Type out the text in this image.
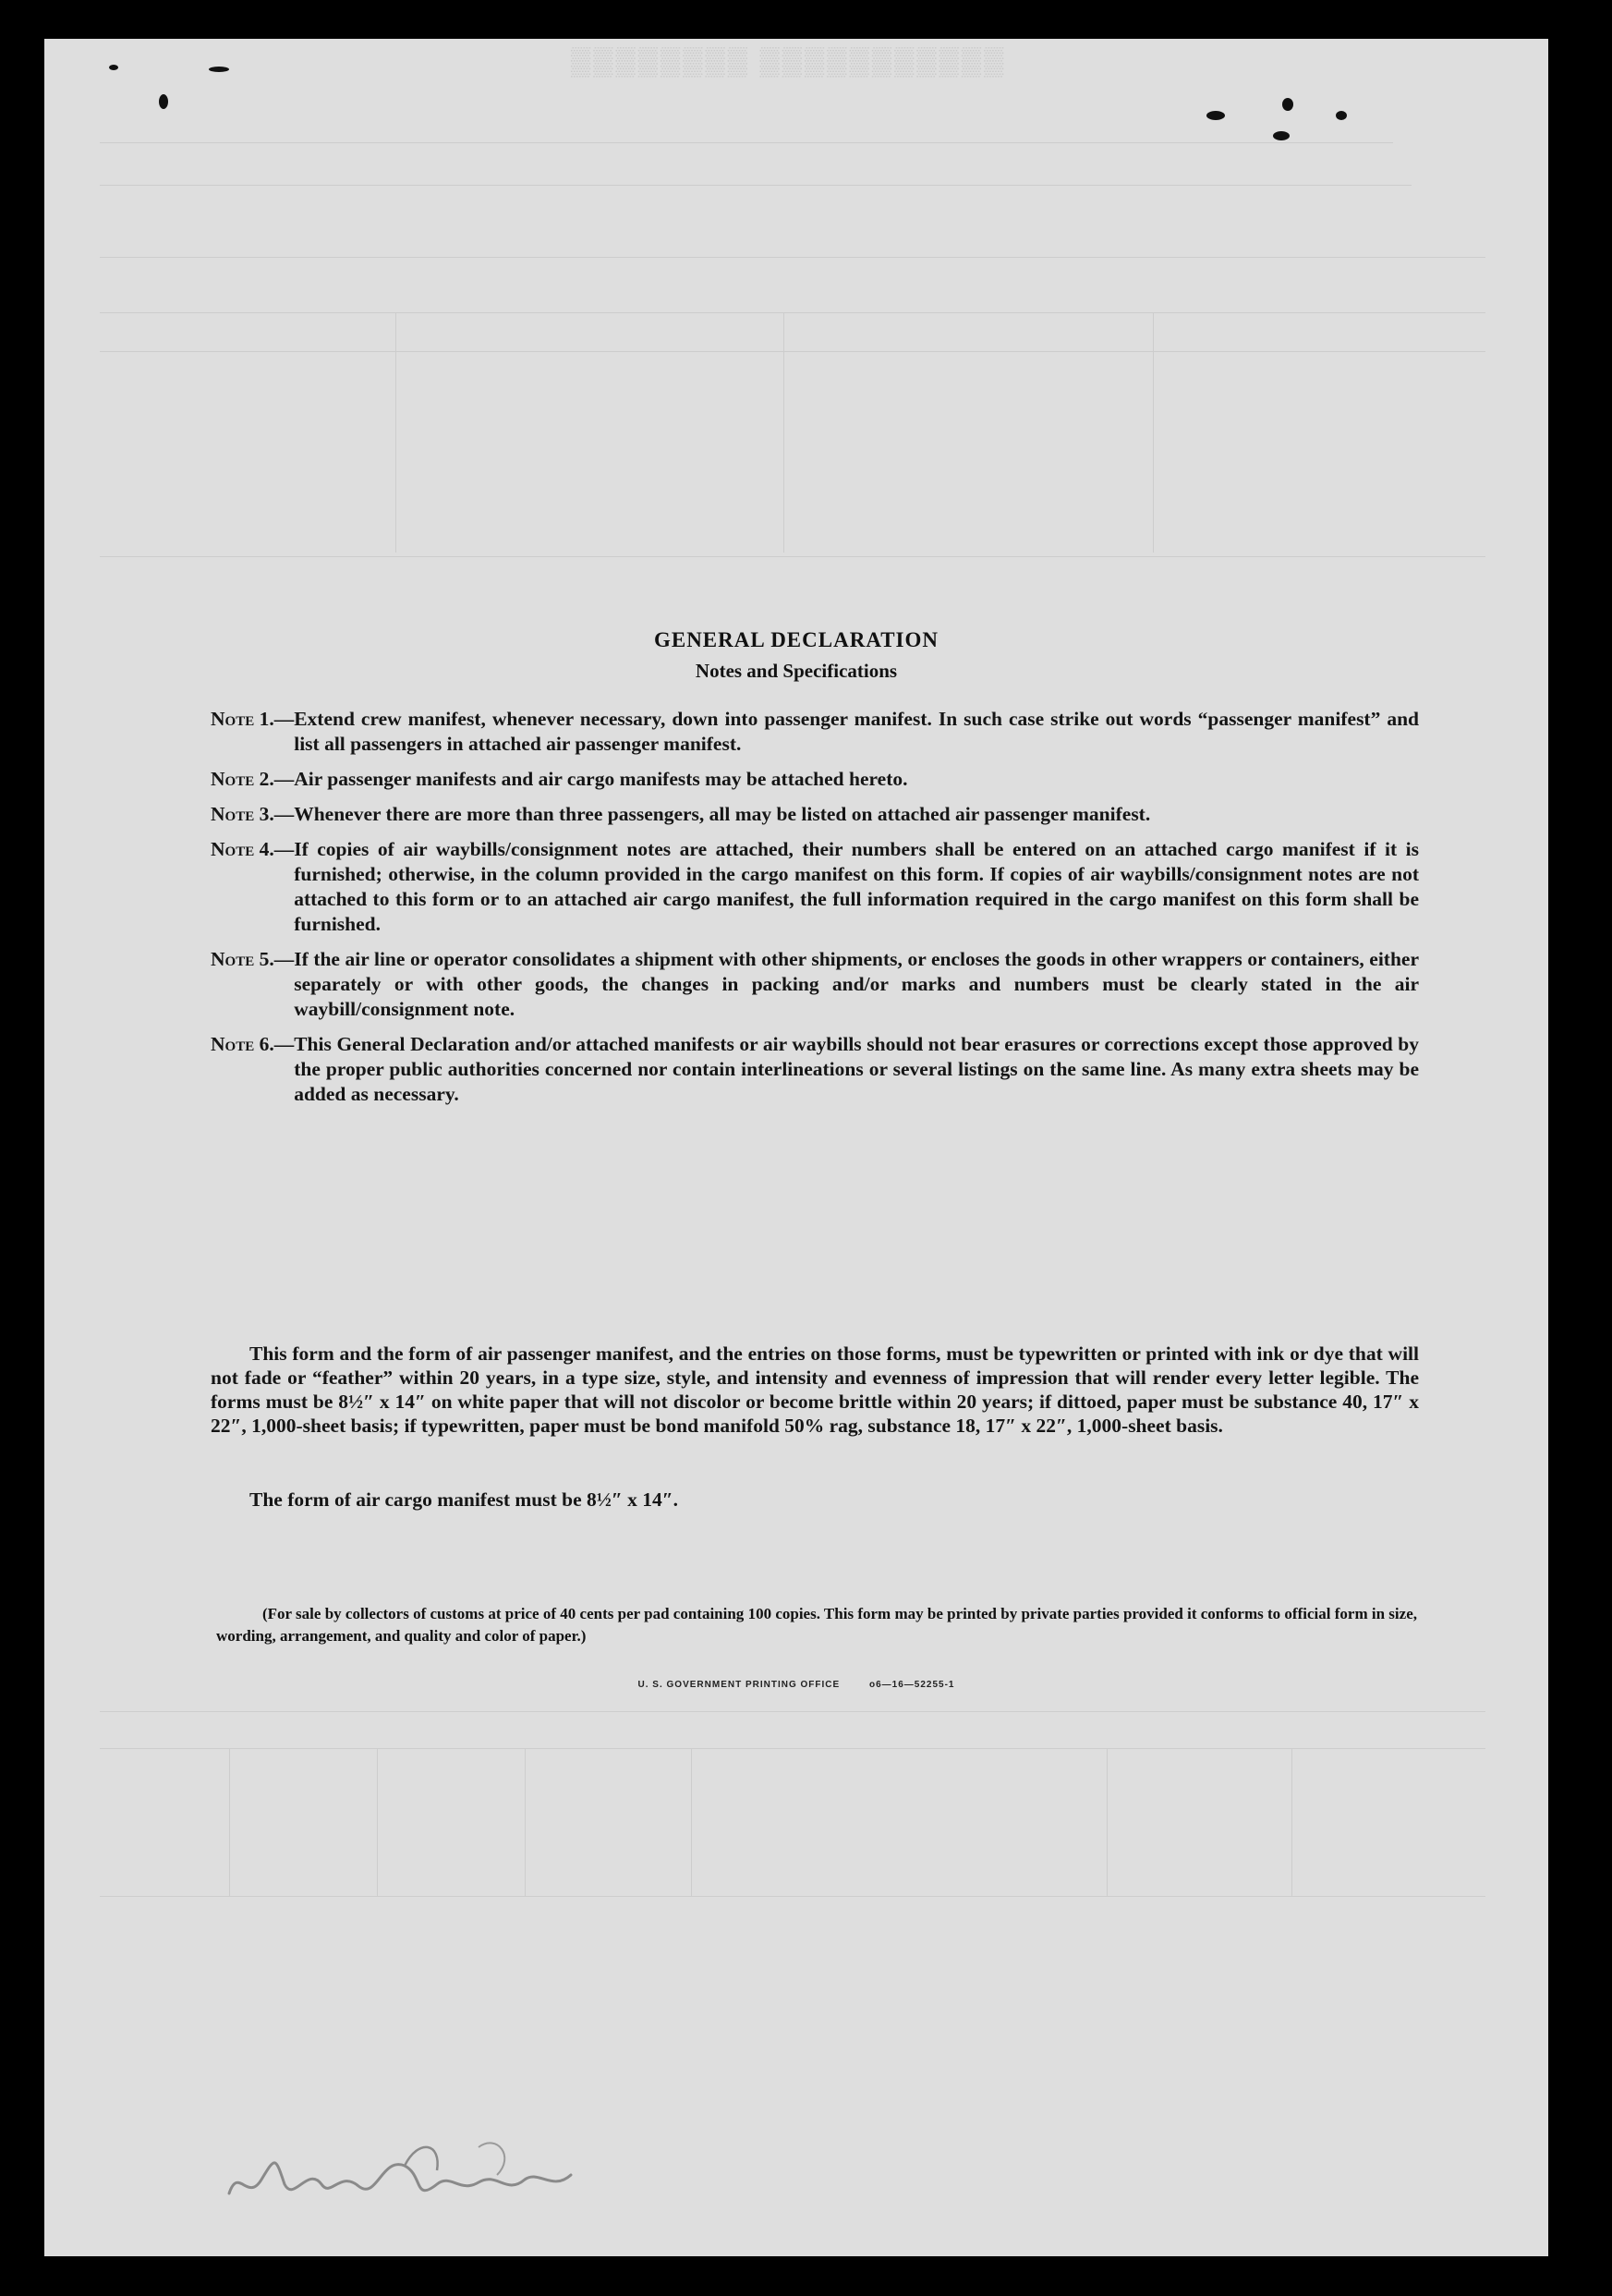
▒▒▒▒▒▒▒▒ ▒▒▒▒▒▒▒▒▒▒▒
GENERAL DECLARATION
Notes and Specifications
Note 1. — Extend crew manifest, whenever necessary, down into passenger manifest. In such case strike out words “passenger manifest” and list all passengers in attached air passenger manifest.
Note 2. — Air passenger manifests and air cargo manifests may be attached hereto.
Note 3. — Whenever there are more than three passengers, all may be listed on attached air passenger manifest.
Note 4. — If copies of air waybills/consignment notes are attached, their numbers shall be entered on an attached cargo manifest if it is furnished; otherwise, in the column provided in the cargo manifest on this form. If copies of air waybills/consignment notes are not attached to this form or to an attached air cargo manifest, the full information required in the cargo manifest on this form shall be furnished.
Note 5. — If the air line or operator consolidates a shipment with other shipments, or encloses the goods in other wrappers or containers, either separately or with other goods, the changes in packing and/or marks and numbers must be clearly stated in the air waybill/consignment note.
Note 6. — This General Declaration and/or attached manifests or air waybills should not bear erasures or corrections except those approved by the proper public authorities concerned nor contain interlineations or several listings on the same line. As many extra sheets may be added as necessary.
This form and the form of air passenger manifest, and the entries on those forms, must be typewritten or printed with ink or dye that will not fade or “feather” within 20 years, in a type size, style, and intensity and evenness of impression that will render every letter legible. The forms must be 8½″ x 14″ on white paper that will not discolor or become brittle within 20 years; if dittoed, paper must be substance 40, 17″ x 22″, 1,000-sheet basis; if typewritten, paper must be bond manifold 50% rag, substance 18, 17″ x 22″, 1,000-sheet basis.
The form of air cargo manifest must be 8½″ x 14″.
(For sale by collectors of customs at price of 40 cents per pad containing 100 copies. This form may be printed by private parties provided it conforms to official form in size, wording, arrangement, and quality and color of paper.)
U. S. GOVERNMENT PRINTING OFFICE	o6—16—52255-1
